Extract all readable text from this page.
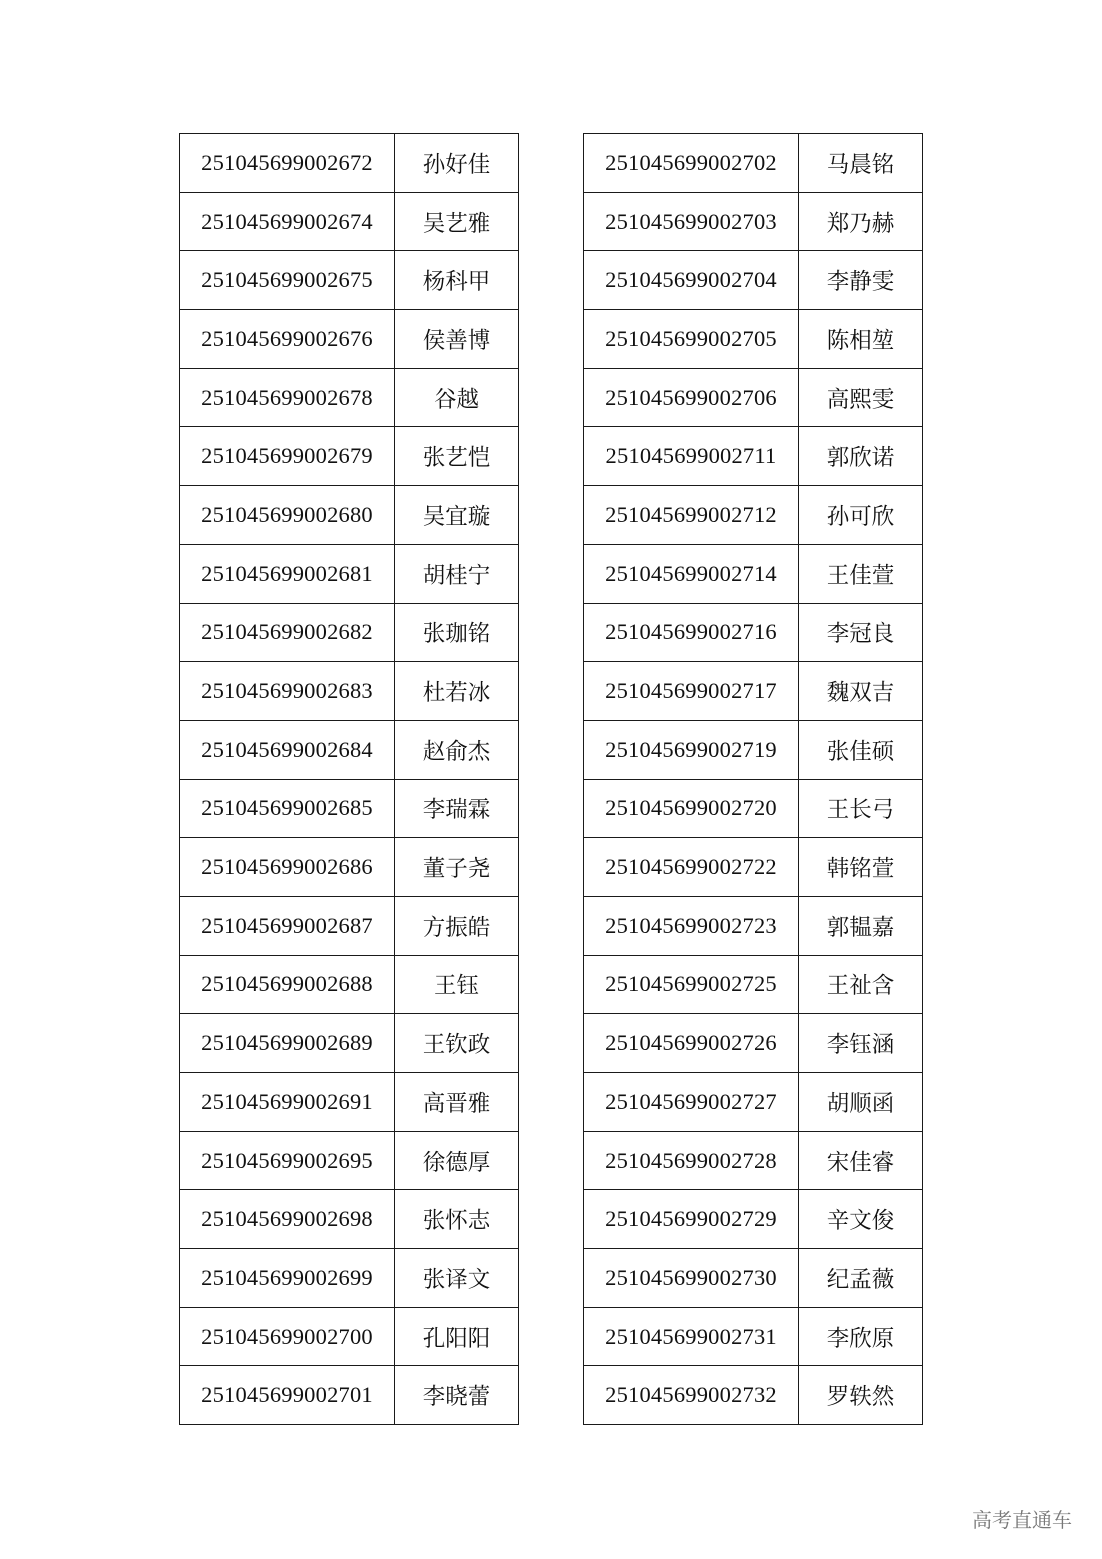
251045699002672	孙好佳
251045699002674	吴艺雅
251045699002675	杨科甲
251045699002676	侯善博
251045699002678	谷越
251045699002679	张艺恺
251045699002680	吴宜璇
251045699002681	胡桂宁
251045699002682	张珈铭
251045699002683	杜若冰
251045699002684	赵俞杰
251045699002685	李瑞霖
251045699002686	董子尧
251045699002687	方振皓
251045699002688	王钰
251045699002689	王钦政
251045699002691	高晋雅
251045699002695	徐德厚
251045699002698	张怀志
251045699002699	张译文
251045699002700	孔阳阳
251045699002701	李晓蕾
251045699002702	马晨铭
251045699002703	郑乃赫
251045699002704	李静雯
251045699002705	陈相堃
251045699002706	高熙雯
251045699002711	郭欣诺
251045699002712	孙可欣
251045699002714	王佳萱
251045699002716	李冠良
251045699002717	魏双吉
251045699002719	张佳硕
251045699002720	王长弓
251045699002722	韩铭萱
251045699002723	郭韫嘉
251045699002725	王祉含
251045699002726	李钰涵
251045699002727	胡顺函
251045699002728	宋佳睿
251045699002729	辛文俊
251045699002730	纪孟薇
251045699002731	李欣原
251045699002732	罗轶然
高考直通车
